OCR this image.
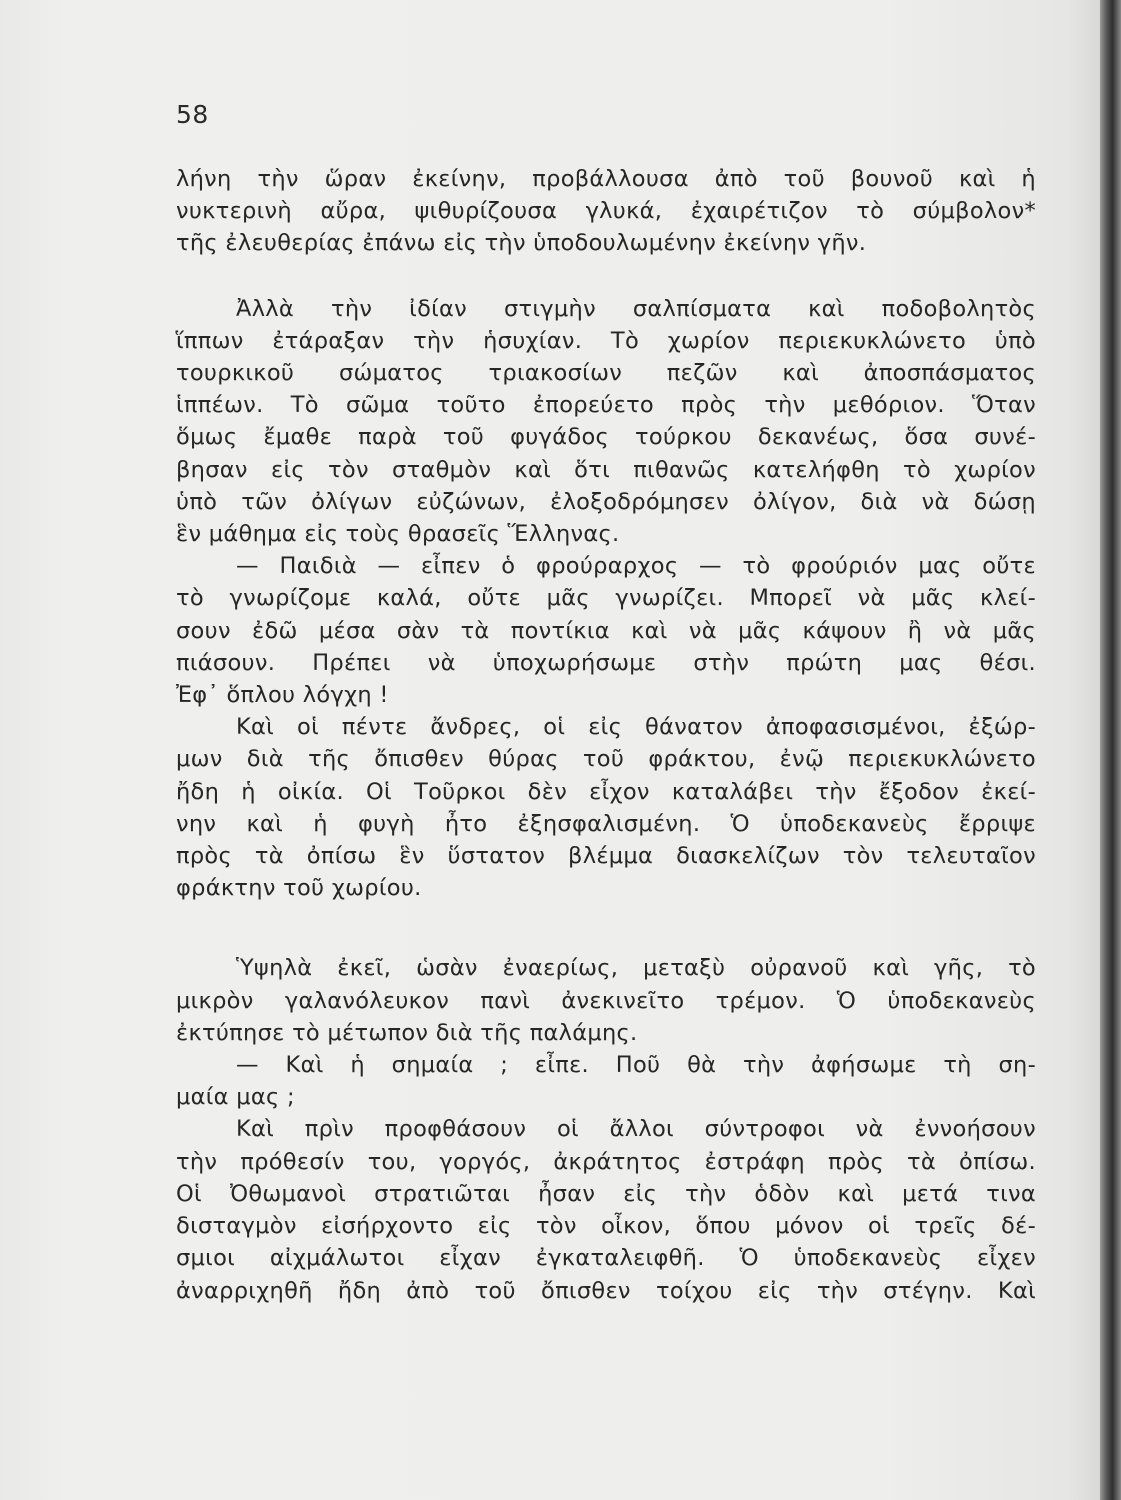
58

λήνη τὴν ὥραν ἐκείνην, προβάλλουσα ἀπὸ τοῦ βουνοῦ καὶ ἡ

νυκτερινὴ αὔρα, ψιθυρίζουσα γλυκά, ἐχαιρέτιζον τὸ σύμβολον*

τῆς ἐλευθερίας ἐπάνω εἰς τὴν ὑποδουλωμένην ἐκείνην γῆν.

Ἀλλὰ τὴν ἰδίαν στιγμὴν σαλπίσματα καὶ ποδοβολητὸς

ἵππων ἐτάραξαν τὴν ἡσυχίαν. Τὸ χωρίον περιεκυκλώνετο ὑπὸ

τουρκικοῦ σώματος τριακοσίων πεζῶν καὶ ἀποσπάσματος

ἱππέων. Τὸ σῶμα τοῦτο ἐπορεύετο πρὸς τὴν μεθόριον. Ὅταν

ὅμως ἔμαθε παρὰ τοῦ φυγάδος τούρκου δεκανέως, ὅσα συνέ-

βησαν εἰς τὸν σταθμὸν καὶ ὅτι πιθανῶς κατελήφθη τὸ χωρίον

ὑπὸ τῶν ὀλίγων εὐζώνων, ἐλοξοδρόμησεν ὀλίγον, διὰ νὰ δώσῃ

ἓν μάθημα εἰς τοὺς θρασεῖς Ἕλληνας.

— Παιδιὰ — εἶπεν ὁ φρούραρχος — τὸ φρούριόν μας οὔτε

τὸ γνωρίζομε καλά, οὔτε μᾶς γνωρίζει. Μπορεῖ νὰ μᾶς κλεί-

σουν ἐδῶ μέσα σὰν τὰ ποντίκια καὶ νὰ μᾶς κάψουν ἢ νὰ μᾶς

πιάσουν. Πρέπει νὰ ὑποχωρήσωμε στὴν πρώτη μας θέσι.

Ἐφ᾿ ὅπλου λόγχη !

Καὶ οἱ πέντε ἄνδρες, οἱ εἰς θάνατον ἀποφασισμένοι, ἐξώρ-

μων διὰ τῆς ὄπισθεν θύρας τοῦ φράκτου, ἐνῷ περιεκυκλώνετο

ἤδη ἡ οἰκία. Οἱ Τοῦρκοι δὲν εἶχον καταλάβει τὴν ἔξοδον ἐκεί-

νην καὶ ἡ φυγὴ ἦτο ἐξησφαλισμένη. Ὁ ὑποδεκανεὺς ἔρριψε

πρὸς τὰ ὀπίσω ἓν ὕστατον βλέμμα διασκελίζων τὸν τελευταῖον

φράκτην τοῦ χωρίου.

Ὑψηλὰ ἐκεῖ, ὡσὰν ἐναερίως, μεταξὺ οὐρανοῦ καὶ γῆς, τὸ

μικρὸν γαλανόλευκον πανὶ ἀνεκινεῖτο τρέμον. Ὁ ὑποδεκανεὺς

ἐκτύπησε τὸ μέτωπον διὰ τῆς παλάμης.

— Καὶ ἡ σημαία ; εἶπε. Ποῦ θὰ τὴν ἀφήσωμε τὴ ση-

μαία μας ;

Καὶ πρὶν προφθάσουν οἱ ἄλλοι σύντροφοι νὰ ἐννοήσουν

τὴν πρόθεσίν του, γοργός, ἀκράτητος ἐστράφη πρὸς τὰ ὀπίσω.

Οἱ Ὀθωμανοὶ στρατιῶται ἦσαν εἰς τὴν ὁδὸν καὶ μετά τινα

δισταγμὸν εἰσήρχοντο εἰς τὸν οἶκον, ὅπου μόνον οἱ τρεῖς δέ-

σμιοι αἰχμάλωτοι εἶχαν ἐγκαταλειφθῆ. Ὁ ὑποδεκανεὺς εἶχεν

ἀναρριχηθῆ ἤδη ἀπὸ τοῦ ὄπισθεν τοίχου εἰς τὴν στέγην. Καὶ
